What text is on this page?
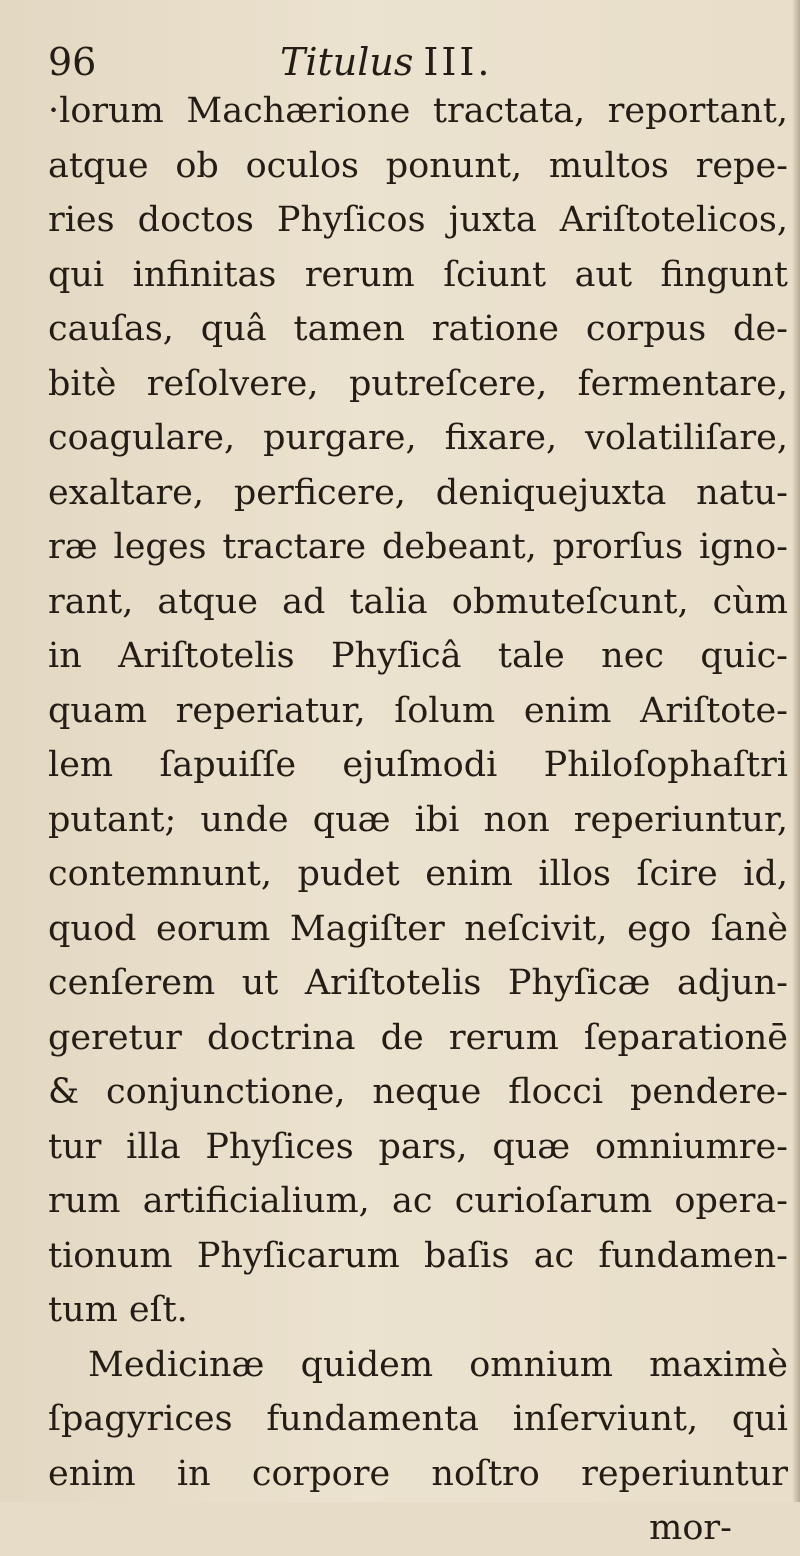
96	Titulus III.
·lorum Machærione tractata, reportant,
atque ob oculos ponunt, multos repe-
ries doctos Phyſicos juxta Ariſtotelicos,
qui infinitas rerum ſciunt aut fingunt
cauſas, quâ tamen ratione corpus de-
bitè reſolvere, putreſcere, fermentare,
coagulare, purgare, fixare, volatiliſare,
exaltare, perficere, deniquejuxta natu-
ræ leges tractare debeant, prorſus igno-
rant, atque ad talia obmuteſcunt, cùm
in Ariſtotelis Phyſicâ tale nec quic-
quam reperiatur, ſolum enim Ariſtote-
lem ſapuiſſe ejuſmodi Philoſophaſtri
putant; unde quæ ibi non reperiuntur,
contemnunt, pudet enim illos ſcire id,
quod eorum Magiſter neſcivit, ego ſanè
cenſerem ut Ariſtotelis Phyſicæ adjun-
geretur doctrina de rerum ſeparationē
& conjunctione, neque flocci pendere-
tur illa Phyſices pars, quæ omniumre-
rum artificialium, ac curioſarum opera-
tionum Phyſicarum baſis ac fundamen-
tum eſt.
Medicinæ quidem omnium maximè
ſpagyrices fundamenta inſerviunt, qui
enim in corpore noſtro reperiuntur
mor-
